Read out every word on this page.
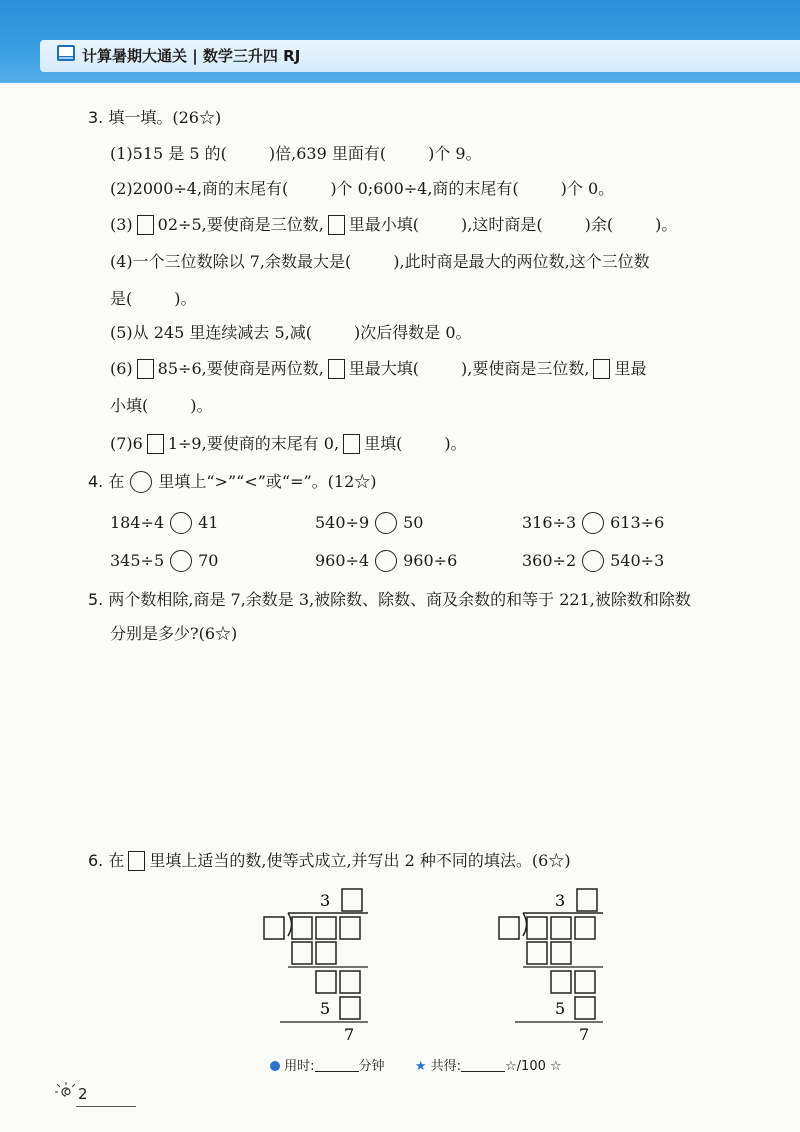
计算暑期大通关 | 数学三升四 RJ
3. 填一填。(26☆)
(1)515 是 5 的(	)倍,639 里面有(	)个 9。
(2)2000÷4,商的末尾有(	)个 0;600÷4,商的末尾有(	)个 0。
(3) 02÷5,要使商是三位数, 里最小填(	),这时商是(	)余(	)。
(4)一个三位数除以 7,余数最大是(	),此时商是最大的两位数,这个三位数
是(	)。
(5)从 245 里连续减去 5,减(	)次后得数是 0。
(6) 85÷6,要使商是两位数, 里最大填(	),要使商是三位数, 里最
小填(	)。
(7)6 1÷9,要使商的末尾有 0, 里填(	)。
4. 在 里填上“>”“<”或“=”。(12☆)
184÷4 41	540÷9 50	316÷3 613÷6
345÷5 70	960÷4 960÷6	360÷2 540÷3
5. 两个数相除,商是 7,余数是 3,被除数、除数、商及余数的和等于 221,被除数和除数
分别是多少?(6☆)
6. 在 里填上适当的数,使等式成立,并写出 2 种不同的填法。(6☆)
3
5
7
3
5
7
用时:	分钟 ★ 共得:	☆/100 ☆
2
